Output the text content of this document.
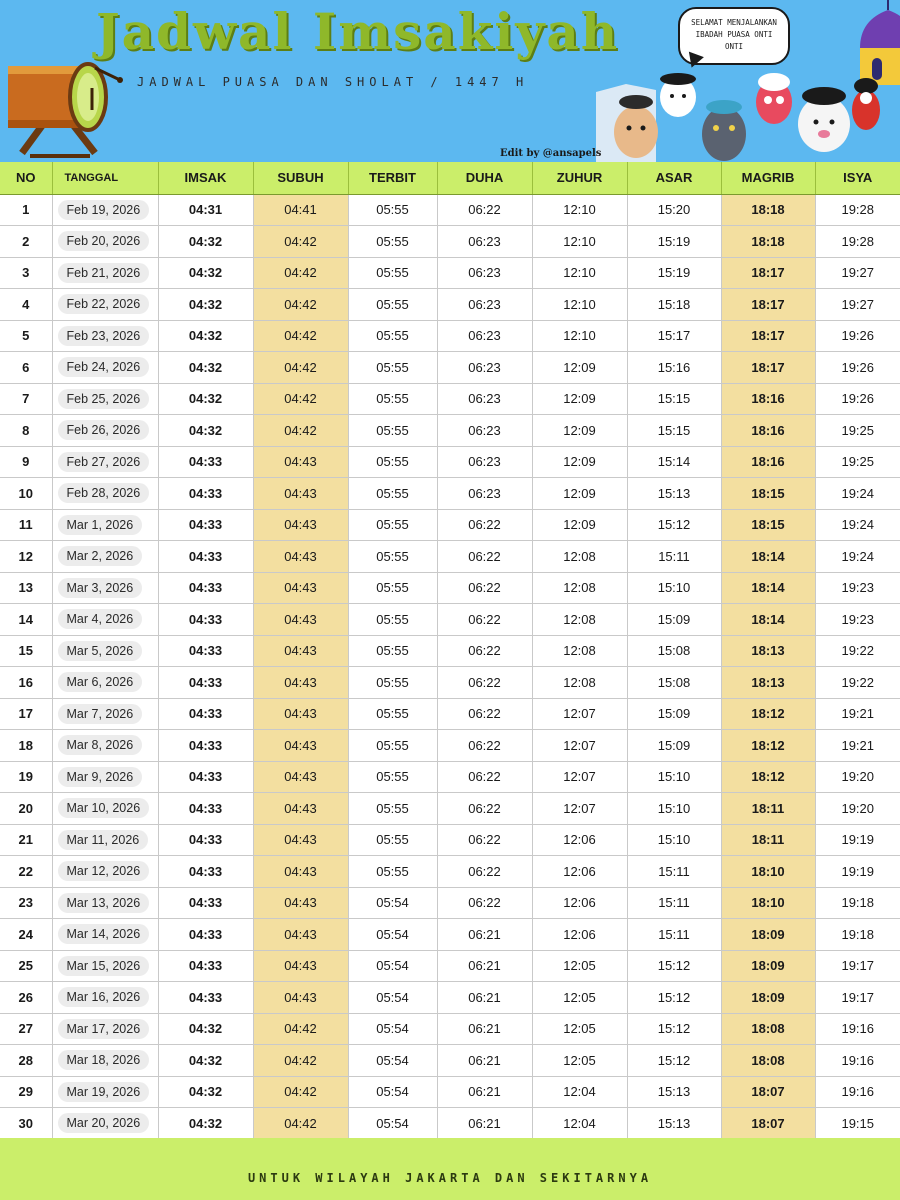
Jadwal Imsakiyah
JADWAL PUASA DAN SHOLAT / 1447 H
SELAMAT MENJALANKAN IBADAH PUASA ONTI ONTI
Edit by @ansapels
NO	TANGGAL	IMSAK	SUBUH	TERBIT	DUHA	ZUHUR	ASAR	MAGRIB	ISYA
1	Feb 19, 2026	04:31	04:41	05:55	06:22	12:10	15:20	18:18	19:28
2	Feb 20, 2026	04:32	04:42	05:55	06:23	12:10	15:19	18:18	19:28
3	Feb 21, 2026	04:32	04:42	05:55	06:23	12:10	15:19	18:17	19:27
4	Feb 22, 2026	04:32	04:42	05:55	06:23	12:10	15:18	18:17	19:27
5	Feb 23, 2026	04:32	04:42	05:55	06:23	12:10	15:17	18:17	19:26
6	Feb 24, 2026	04:32	04:42	05:55	06:23	12:09	15:16	18:17	19:26
7	Feb 25, 2026	04:32	04:42	05:55	06:23	12:09	15:15	18:16	19:26
8	Feb 26, 2026	04:32	04:42	05:55	06:23	12:09	15:15	18:16	19:25
9	Feb 27, 2026	04:33	04:43	05:55	06:23	12:09	15:14	18:16	19:25
10	Feb 28, 2026	04:33	04:43	05:55	06:23	12:09	15:13	18:15	19:24
11	Mar 1, 2026	04:33	04:43	05:55	06:22	12:09	15:12	18:15	19:24
12	Mar 2, 2026	04:33	04:43	05:55	06:22	12:08	15:11	18:14	19:24
13	Mar 3, 2026	04:33	04:43	05:55	06:22	12:08	15:10	18:14	19:23
14	Mar 4, 2026	04:33	04:43	05:55	06:22	12:08	15:09	18:14	19:23
15	Mar 5, 2026	04:33	04:43	05:55	06:22	12:08	15:08	18:13	19:22
16	Mar 6, 2026	04:33	04:43	05:55	06:22	12:08	15:08	18:13	19:22
17	Mar 7, 2026	04:33	04:43	05:55	06:22	12:07	15:09	18:12	19:21
18	Mar 8, 2026	04:33	04:43	05:55	06:22	12:07	15:09	18:12	19:21
19	Mar 9, 2026	04:33	04:43	05:55	06:22	12:07	15:10	18:12	19:20
20	Mar 10, 2026	04:33	04:43	05:55	06:22	12:07	15:10	18:11	19:20
21	Mar 11, 2026	04:33	04:43	05:55	06:22	12:06	15:10	18:11	19:19
22	Mar 12, 2026	04:33	04:43	05:55	06:22	12:06	15:11	18:10	19:19
23	Mar 13, 2026	04:33	04:43	05:54	06:22	12:06	15:11	18:10	19:18
24	Mar 14, 2026	04:33	04:43	05:54	06:21	12:06	15:11	18:09	19:18
25	Mar 15, 2026	04:33	04:43	05:54	06:21	12:05	15:12	18:09	19:17
26	Mar 16, 2026	04:33	04:43	05:54	06:21	12:05	15:12	18:09	19:17
27	Mar 17, 2026	04:32	04:42	05:54	06:21	12:05	15:12	18:08	19:16
28	Mar 18, 2026	04:32	04:42	05:54	06:21	12:05	15:12	18:08	19:16
29	Mar 19, 2026	04:32	04:42	05:54	06:21	12:04	15:13	18:07	19:16
30	Mar 20, 2026	04:32	04:42	05:54	06:21	12:04	15:13	18:07	19:15
UNTUK WILAYAH JAKARTA DAN SEKITARNYA
